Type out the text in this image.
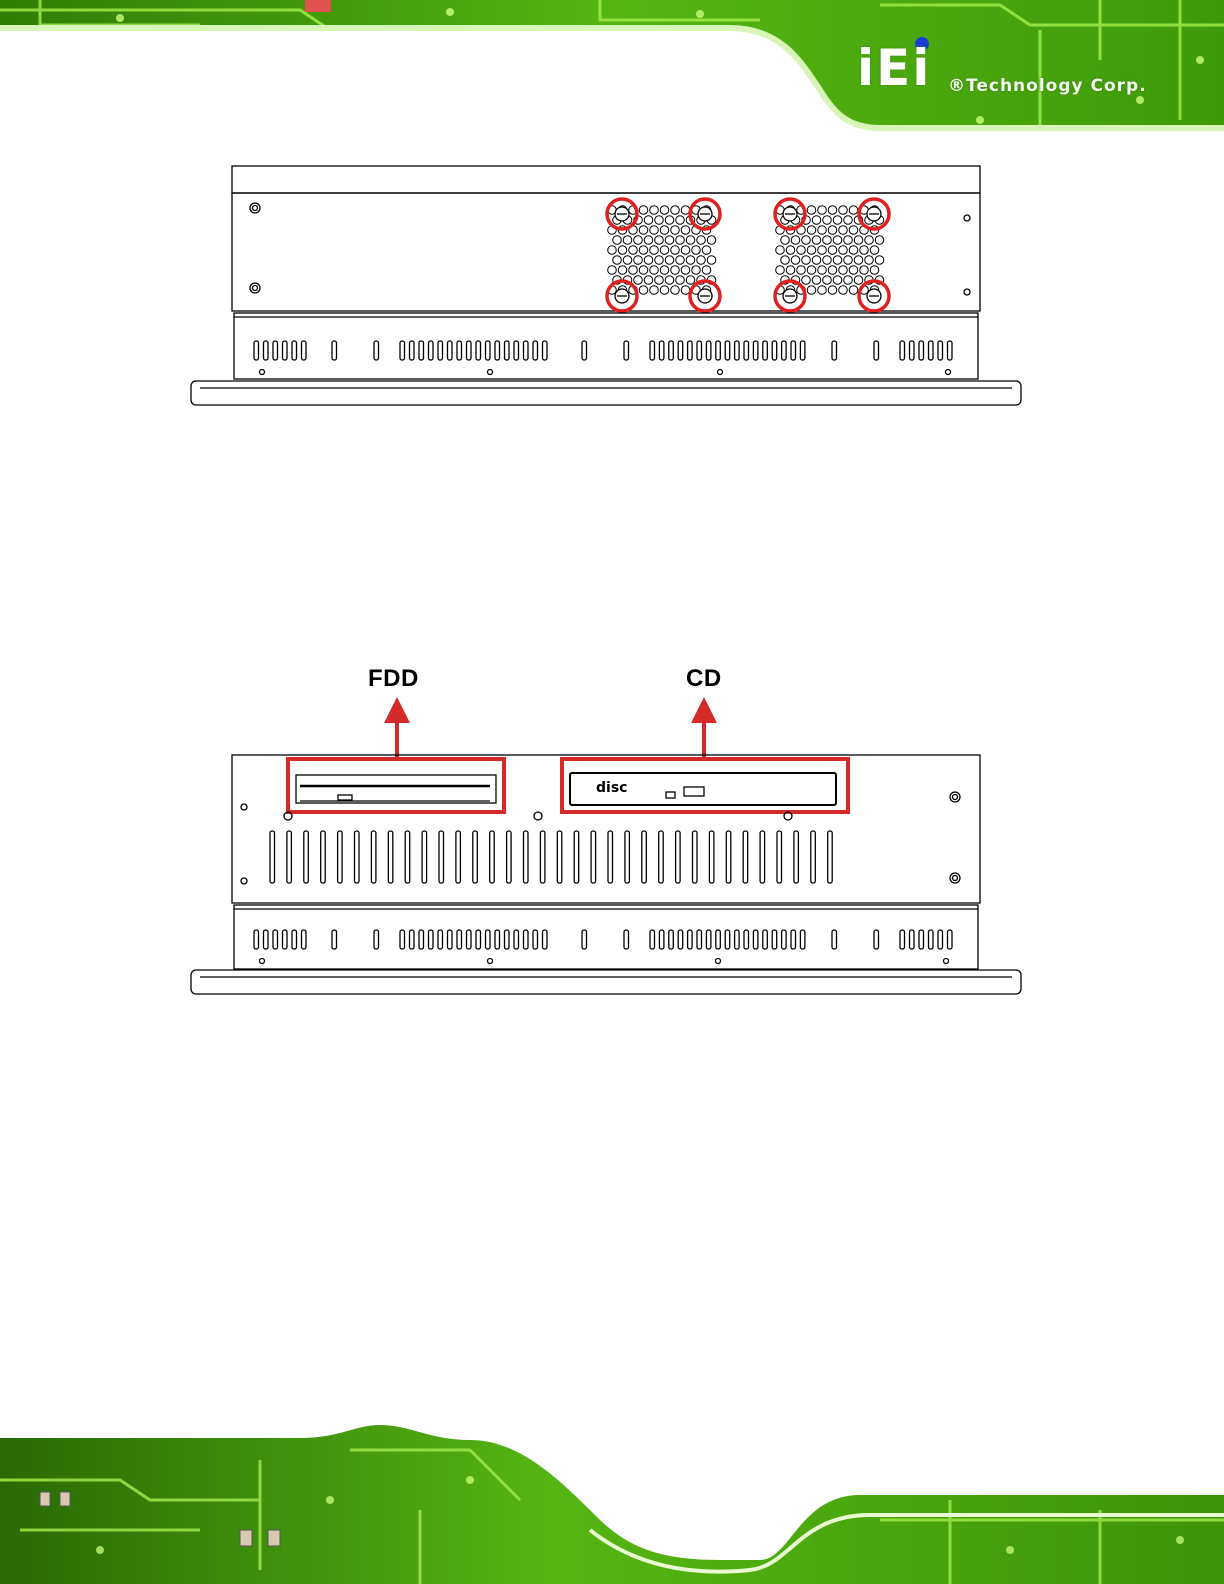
iEi ®Technology Corp.
FDD	CD
disc
